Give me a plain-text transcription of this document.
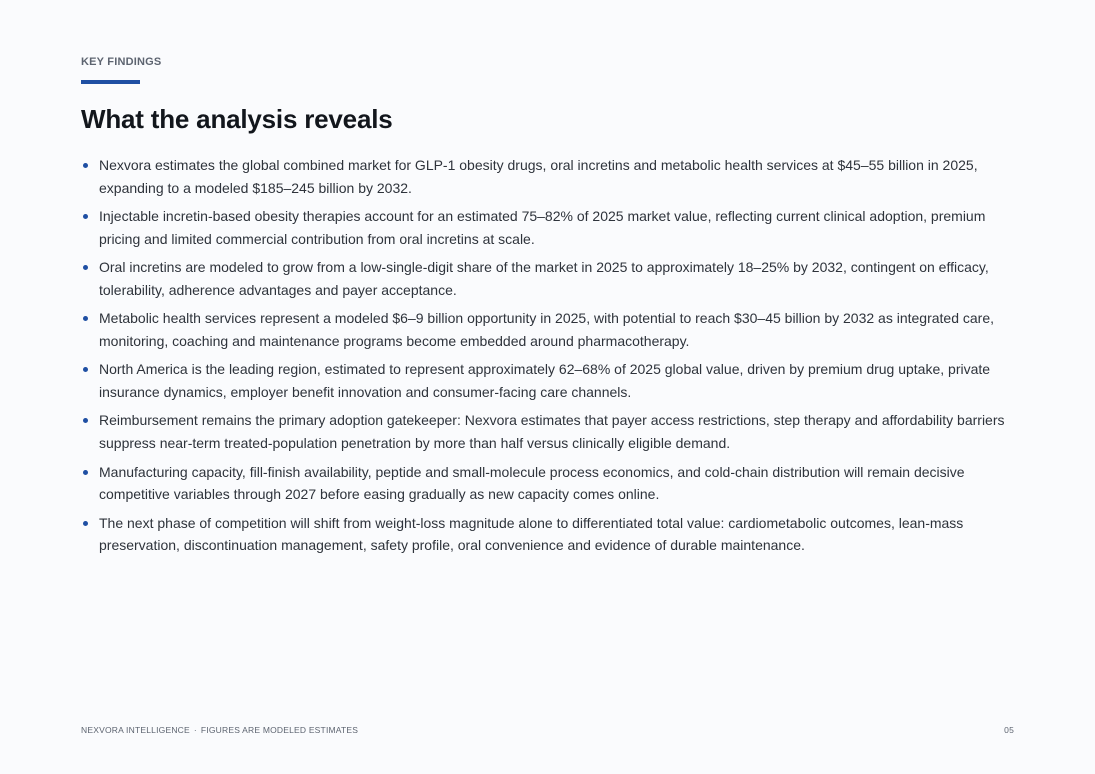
KEY FINDINGS
What the analysis reveals
Nexvora estimates the global combined market for GLP-1 obesity drugs, oral incretins and metabolic health services at $45–55 billion in 2025, expanding to a modeled $185–245 billion by 2032.
Injectable incretin-based obesity therapies account for an estimated 75–82% of 2025 market value, reflecting current clinical adoption, premium pricing and limited commercial contribution from oral incretins at scale.
Oral incretins are modeled to grow from a low-single-digit share of the market in 2025 to approximately 18–25% by 2032, contingent on efficacy, tolerability, adherence advantages and payer acceptance.
Metabolic health services represent a modeled $6–9 billion opportunity in 2025, with potential to reach $30–45 billion by 2032 as integrated care, monitoring, coaching and maintenance programs become embedded around pharmacotherapy.
North America is the leading region, estimated to represent approximately 62–68% of 2025 global value, driven by premium drug uptake, private insurance dynamics, employer benefit innovation and consumer-facing care channels.
Reimbursement remains the primary adoption gatekeeper: Nexvora estimates that payer access restrictions, step therapy and affordability barriers suppress near-term treated-population penetration by more than half versus clinically eligible demand.
Manufacturing capacity, fill-finish availability, peptide and small-molecule process economics, and cold-chain distribution will remain decisive competitive variables through 2027 before easing gradually as new capacity comes online.
The next phase of competition will shift from weight-loss magnitude alone to differentiated total value: cardiometabolic outcomes, lean-mass preservation, discontinuation management, safety profile, oral convenience and evidence of durable maintenance.
NEXVORA INTELLIGENCE · FIGURES ARE MODELED ESTIMATES	05
